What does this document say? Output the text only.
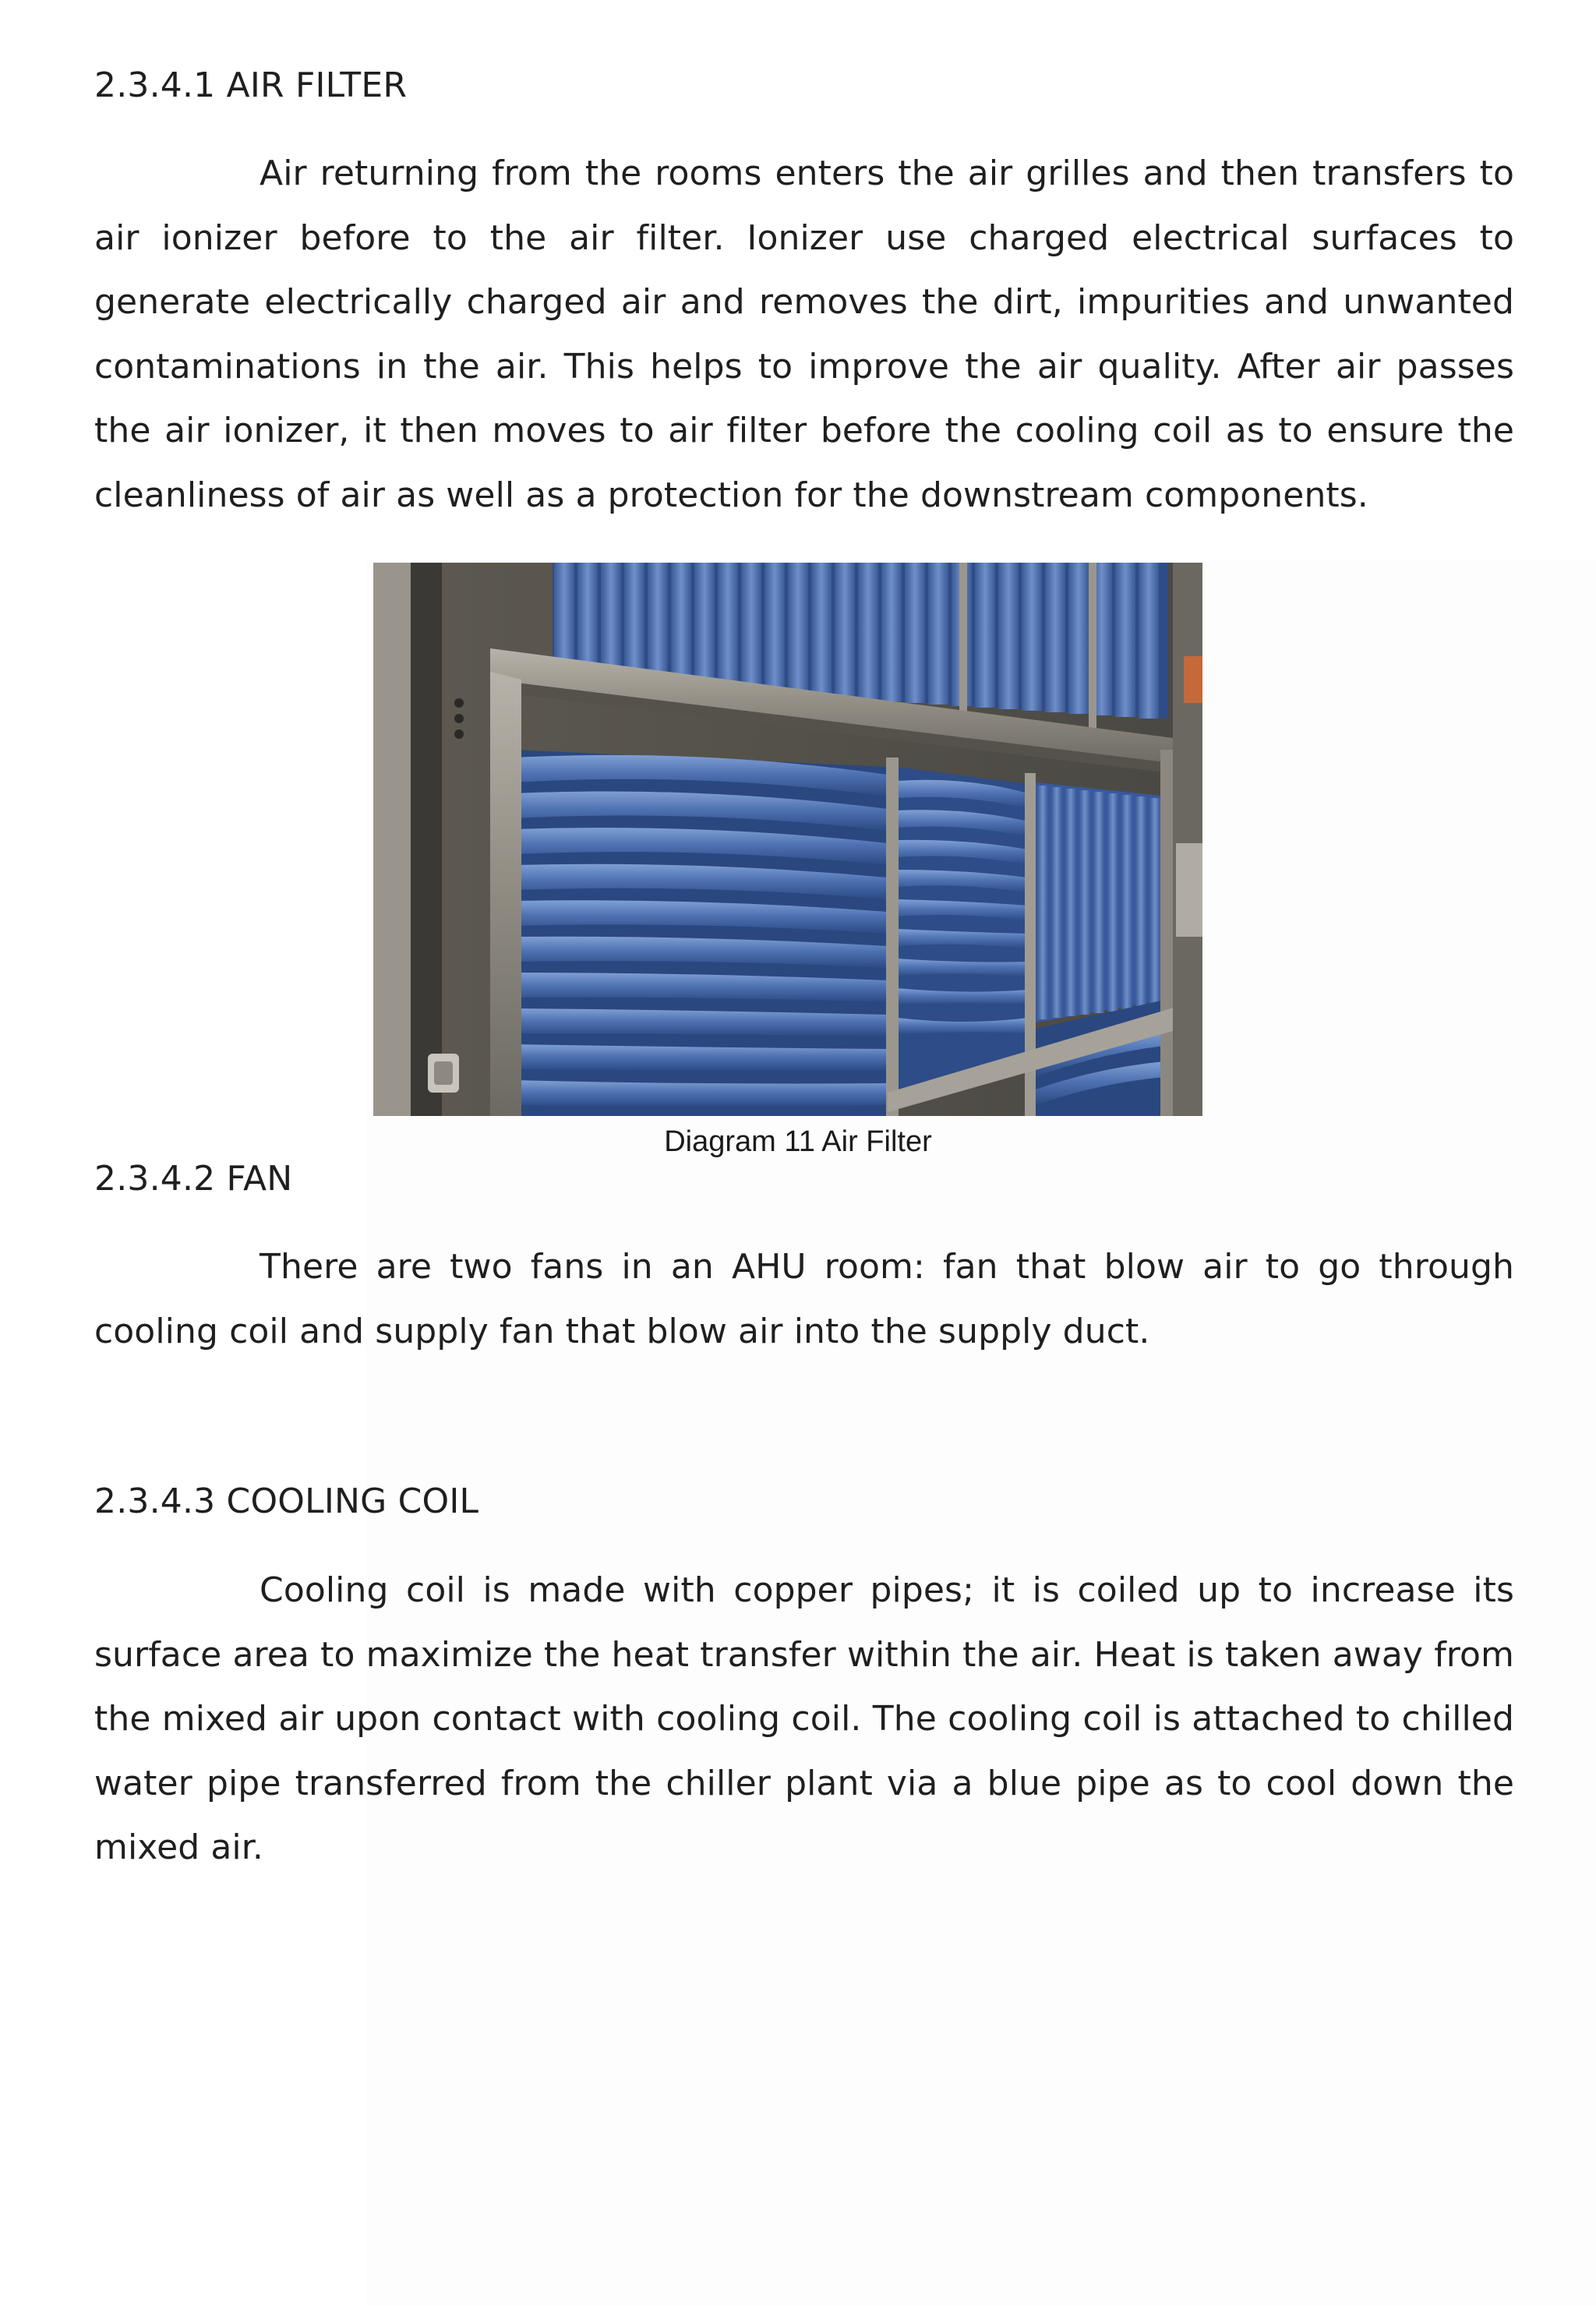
2.3.4.1 AIR FILTER

Air returning from the rooms enters the air grilles and then transfers to air ionizer before to the air filter. Ionizer use charged electrical surfaces to generate electrically charged air and removes the dirt, impurities and unwanted contaminations in the air. This helps to improve the air quality. After air passes the air ionizer, it then moves to air filter before the cooling coil as to ensure the cleanliness of air as well as a protection for the downstream components.

2.3.4.2 FAN

There are two fans in an AHU room: fan that blow air to go through cooling coil and supply fan that blow air into the supply duct.

2.3.4.3 COOLING COIL

Cooling coil is made with copper pipes; it is coiled up to increase its surface area to maximize the heat transfer within the air. Heat is taken away from the mixed air upon contact with cooling coil. The cooling coil is attached to chilled water pipe transferred from the chiller plant via a blue pipe as to cool down the mixed air.

Diagram 11 Air Filter
